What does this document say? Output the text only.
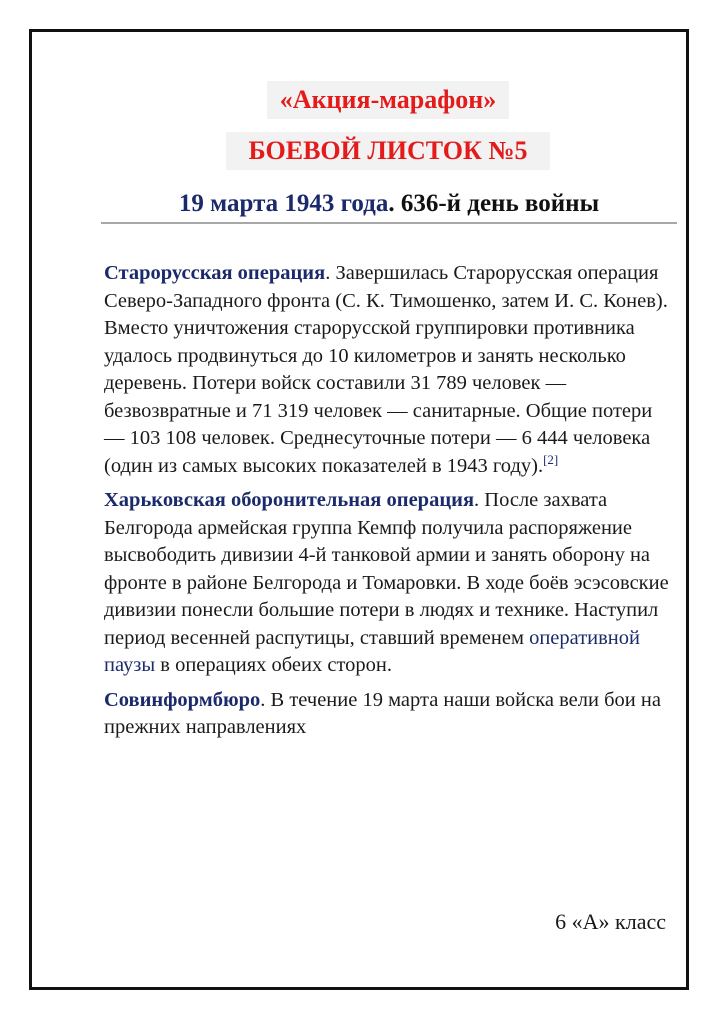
«Акция-марафон»
БОЕВОЙ ЛИСТОК №5
19 марта 1943 года. 636-й день войны

Старорусская операция. Завершилась Старорусская операция Северо-Западного фронта (С. К. Тимошенко, затем И. С. Конев). Вместо уничтожения старорусской группировки противника удалось продвинуться до 10 километров и занять несколько деревень. Потери войск составили 31 789 человек — безвозвратные и 71 319 человек — санитарные. Общие потери — 103 108 человек. Среднесуточные потери — 6 444 человека (один из самых высоких показателей в 1943 году).[2]

Харьковская оборонительная операция. После захвата Белгорода армейская группа Кемпф получила распоряжение высвободить дивизии 4-й танковой армии и занять оборону на фронте в районе Белгорода и Томаровки. В ходе боёв эсэсовские дивизии понесли большие потери в людях и технике. Наступил период весенней распутицы, ставший временем оперативной паузы в операциях обеих сторон.

Совинформбюро. В течение 19 марта наши войска вели бои на прежних направлениях

6 «А» класс
